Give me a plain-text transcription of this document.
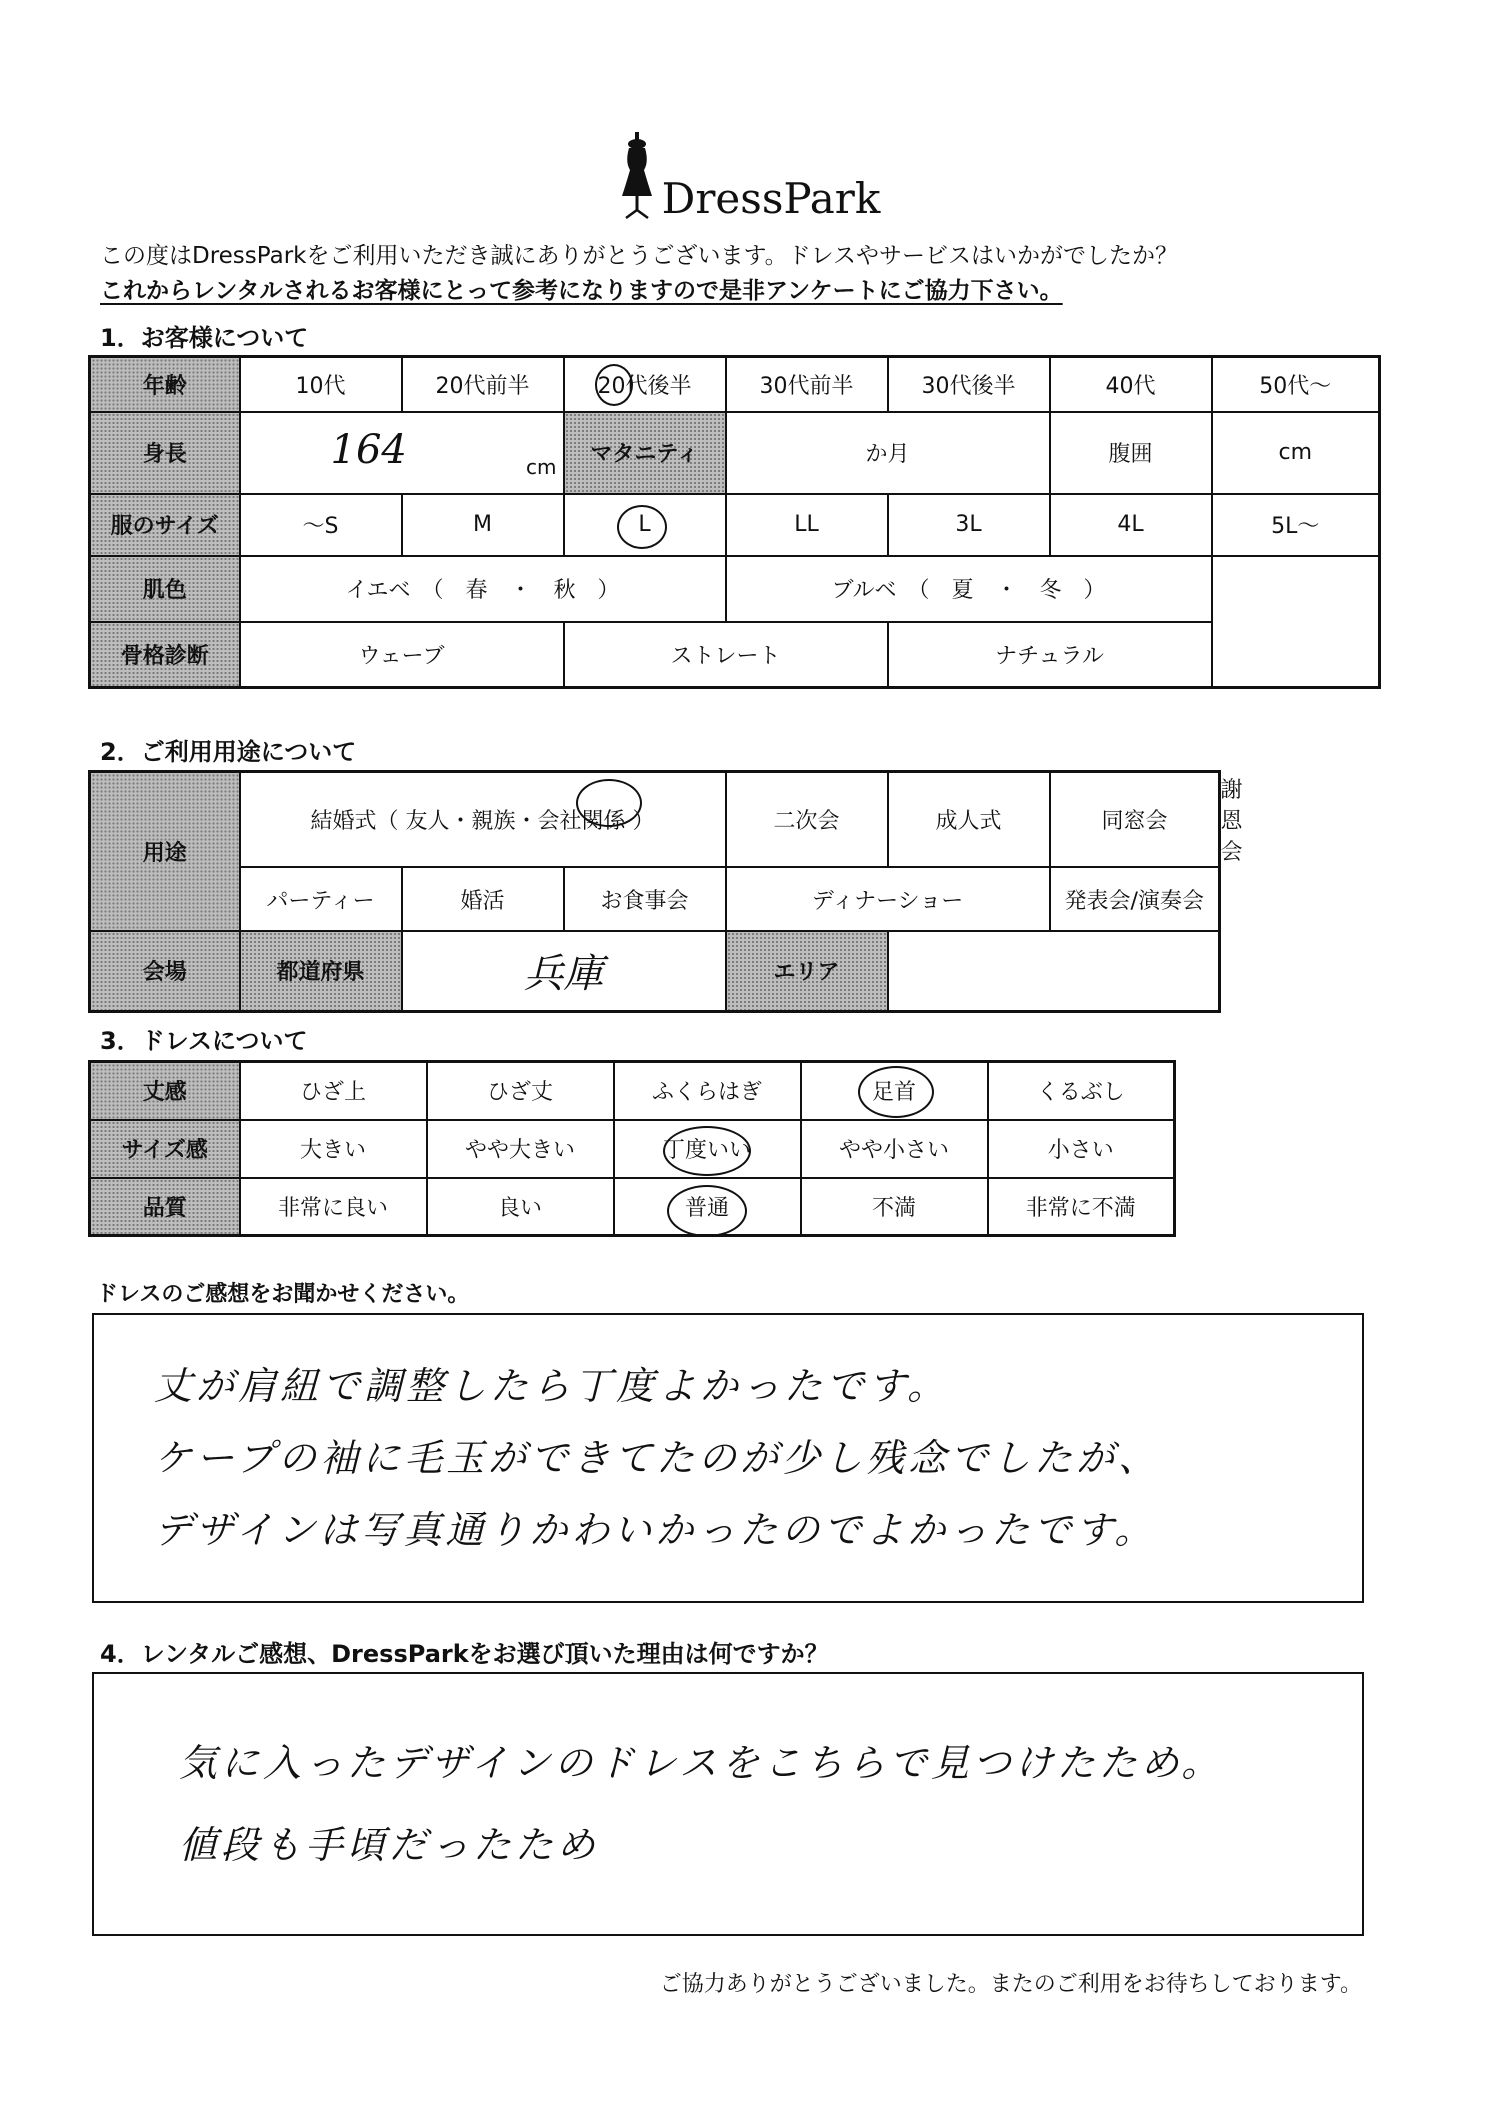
DressPark
この度はDressParkをご利用いただき誠にありがとうございます。ドレスやサービスはいかがでしたか？
これからレンタルされるお客様にとって参考になりますので是非アンケートにご協力下さい。
1．お客様について
年齢	10代	20代前半	20代後半	30代前半	30代後半	40代	50代～
身長	164 cm		マタニティ	か月		腹囲	cm
服のサイズ	～S	M	L	LL	3L	4L	5L～
肌色	イエベ　（　春　・　秋　）			ブルベ　（　夏　・　冬　）			
骨格診断	ウェーブ		ストレート		ナチュラル		
2．ご利用用途について
用途	結婚式（ 友人・親族・会社関係 ）			二次会	成人式	同窓会	謝恩会
	パーティー	婚活	お食事会	ディナーショー		発表会/演奏会	
会場	都道府県	兵庫		エリア			
3．ドレスについて
丈感	ひざ上	ひざ丈	ふくらはぎ	足首	くるぶし
サイズ感	大きい	やや大きい	丁度いい	やや小さい	小さい
品質	非常に良い	良い	普通	不満	非常に不満
ドレスのご感想をお聞かせください。
丈が肩紐で調整したら丁度よかったです。
ケープの袖に毛玉ができてたのが少し残念でしたが、
デザインは写真通りかわいかったのでよかったです。
4．レンタルご感想、DressParkをお選び頂いた理由は何ですか？
気に入ったデザインのドレスをこちらで見つけたため。
値段も手頃だったため
ご協力ありがとうございました。またのご利用をお待ちしております。
